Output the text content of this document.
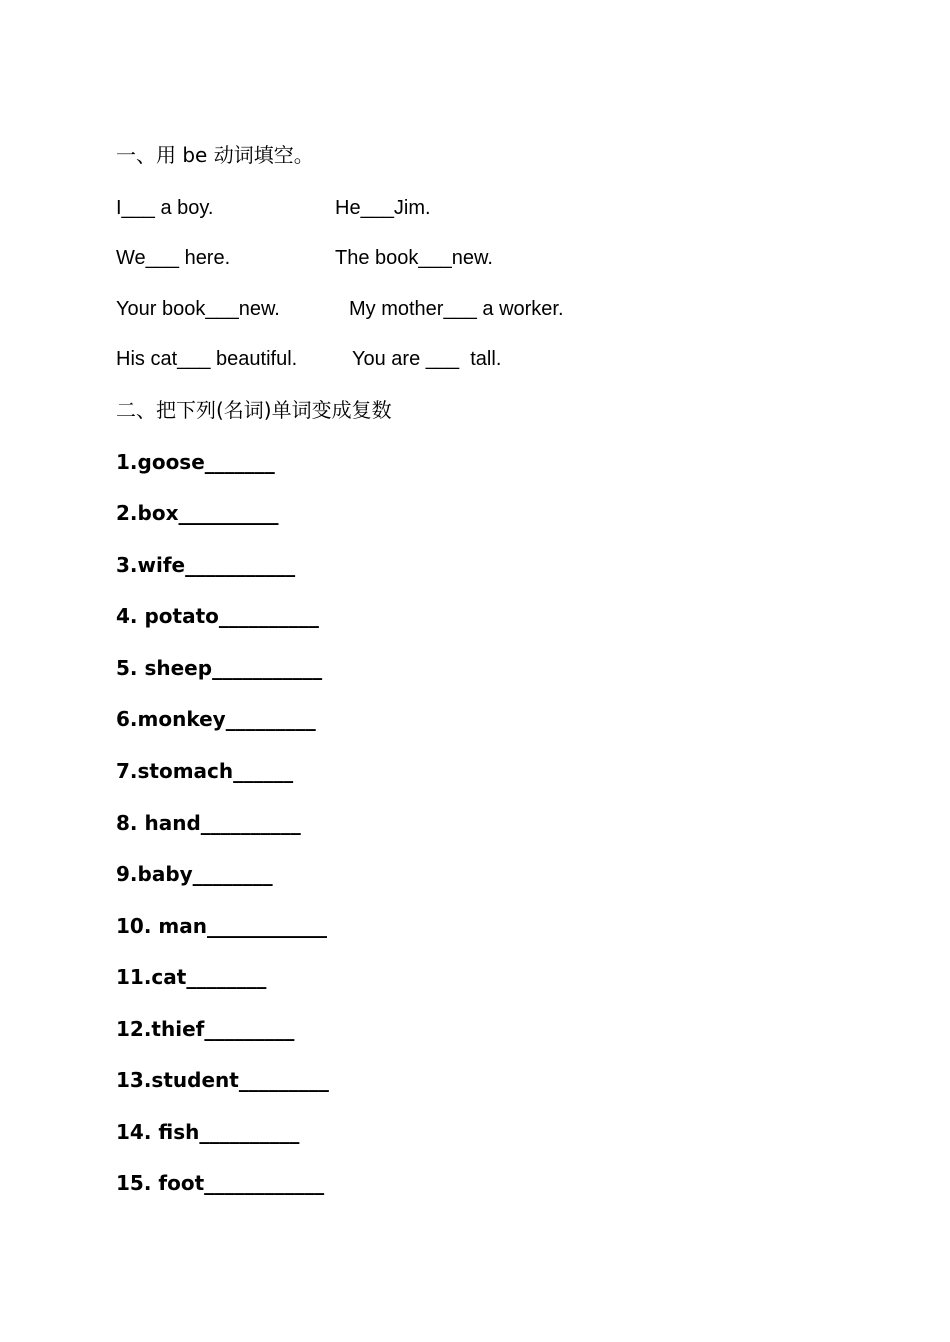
一、用 be 动词填空。
I___ a boy.	He___Jim.
We___ here.	The book___new.
Your book___new.	My mother___ a worker.
His cat___ beautiful.	You are ___  tall.
二、把下列(名词)单词变成复数
1.goose_______
2.box__________
3.wife___________
4. potato__________
5. sheep___________
6.monkey_________
7.stomach______
8. hand__________
9.baby________
10. man____________
11.cat________
12.thief_________
13.student_________
14. fish__________
15. foot____________
